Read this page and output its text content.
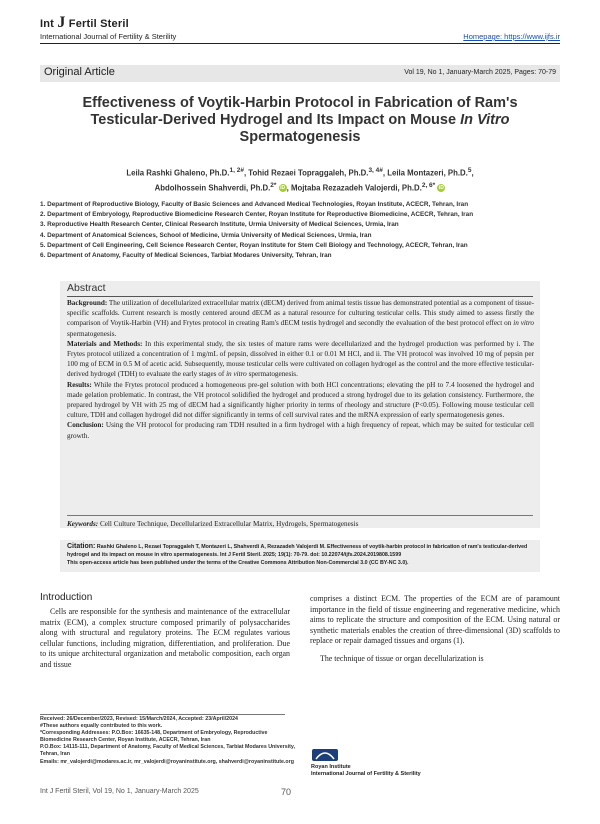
Int J Fertil Steril
International Journal of Fertility & Sterility	Homepage: https://www.ijfs.ir
Original Article	Vol 19, No 1, January-March 2025, Pages: 70-79
Effectiveness of Voytik-Harbin Protocol in Fabrication of Ram's
Testicular-Derived Hydrogel and Its Impact on Mouse In Vitro
Spermatogenesis
Leila Rashki Ghaleno, Ph.D.$^{1, 2\#}$, Tohid Rezaei Topraggaleh, Ph.D.$^{3, 4\#}$, Leila Montazeri, Ph.D.$^5$,
Abdolhossein Shahverdi, Ph.D.$^{2*}$ iD , Mojtaba Rezazadeh Valojerdi, Ph.D.$^{2, 6*}$ iD
1. Department of Reproductive Biology, Faculty of Basic Sciences and Advanced Medical Technologies, Royan Institute, ACECR, Tehran, Iran
2. Department of Embryology, Reproductive Biomedicine Research Center, Royan Institute for Reproductive Biomedicine, ACECR, Tehran, Iran
3. Reproductive Health Research Center, Clinical Research Institute, Urmia University of Medical Sciences, Urmia, Iran
4. Department of Anatomical Sciences, School of Medicine, Urmia University of Medical Sciences, Urmia, Iran
5. Department of Cell Engineering, Cell Science Research Center, Royan Institute for Stem Cell Biology and Technology, ACECR, Tehran, Iran
6. Department of Anatomy, Faculty of Medical Sciences, Tarbiat Modares University, Tehran, Iran
Abstract

Background: The utilization of decellularized extracellular matrix (dECM) derived from animal testis tissue has demonstrated potential as a component of tissue-specific scaffolds. Current research is mostly centered around dECM as a natural resource for culturing testicular cells. This study aimed to assess firstly the comparison of Voytik-Harbin (VH) and Frytes protocol in creating Ram's dECM testis hydrogel and secondly the evaluation of the best protocol effect on in vitro spermatogenesis.

Materials and Methods: In this experimental study, the six testes of mature rams were decellularized and the hydrogel production was performed by i. The Frytes protocol utilized a concentration of 1 mg/mL of pepsin, dissolved in either 0.1 or 0.01 M HCl, and ii. The VH protocol was involved 10 mg of pepsin per 100 mg of ECM in 0.5 M of acetic acid. Subsequently, mouse testicular cells were cultivated on collagen hydrogel as the control and the more effective testicular-derived hydrogel (TDH) to evaluate the early stages of in vitro spermatogenesis.

Results: While the Frytes protocol produced a homogeneous pre-gel solution with both HCl concentrations; elevating the pH to 7.4 loosened the hydrogel and made gelation problematic. In contrast, the VH protocol solidified the hydrogel and produced a strong hydrogel due to its gelation consistency. Furthermore, the prepared hydrogel by VH with 25 mg of dECM had a significantly higher priority in terms of rheology and structure (P<0.05). Following mouse testicular cell culture, TDH and collagen hydrogel did not differ significantly in terms of cell survival rates and the mRNA expression of early spermatogenesis genes.

Conclusion: Using the VH protocol for producing ram TDH resulted in a firm hydrogel with a high frequency of repeat, which may be suited for testicular cell growth.

Keywords: Cell Culture Technique, Decellularized Extracellular Matrix, Hydrogels, Spermatogenesis
Citation: Rashki Ghaleno L, Rezaei Topraggaleh T, Montazeri L, Shahverdi A, Rezazadeh Valojerdi M. Effectiveness of voytik-harbin protocol in fabrication of ram's testicular-derived hydrogel and its impact on mouse in vitro spermatogenesis. Int J Fertil Steril. 2025; 19(1): 70-79. doi: 10.22074/ijfs.2024.2019808.1599
This open-access article has been published under the terms of the Creative Commons Attribution Non-Commercial 3.0 (CC BY-NC 3.0).
Introduction

Cells are responsible for the synthesis and maintenance of the extracellular matrix (ECM), a complex structure composed primarily of polysaccharides along with structural and regulatory proteins. The ECM regulates various cellular functions, including migration, differentiation, and proliferation. Due to its unique architectural organization and metabolic composition, each organ and tissue

comprises a distinct ECM. The properties of the ECM are of paramount importance in the field of tissue engineering and regenerative medicine, which aims to replicate the structure and composition of the ECM. Using natural or synthetic materials enables the creation of three-dimensional (3D) scaffolds to replace or repair damaged tissues and organs (1).

The technique of tissue or organ decellularization is

Received: 26/December/2023, Revised: 15/March/2024, Accepted: 23/April/2024
#These authors equally contributed to this work.
*Corresponding Addresses: P.O.Box: 16635-148, Department of Embryology, Reproductive Biomedicine Research Center, Royan Institute, ACECR, Tehran, Iran
P.O.Box: 14115-111, Department of Anatomy, Faculty of Medical Sciences, Tarbiat Modares University, Tehran, Iran
Emails: mr_valojerdi@modares.ac.ir, mr_valojerdi@royaninstitute.org, shahverdi@royaninstitute.org
Royan Institute
International Journal of Fertility & Sterility
Int J Fertil Steril, Vol 19, No 1, January-March 2025	70
